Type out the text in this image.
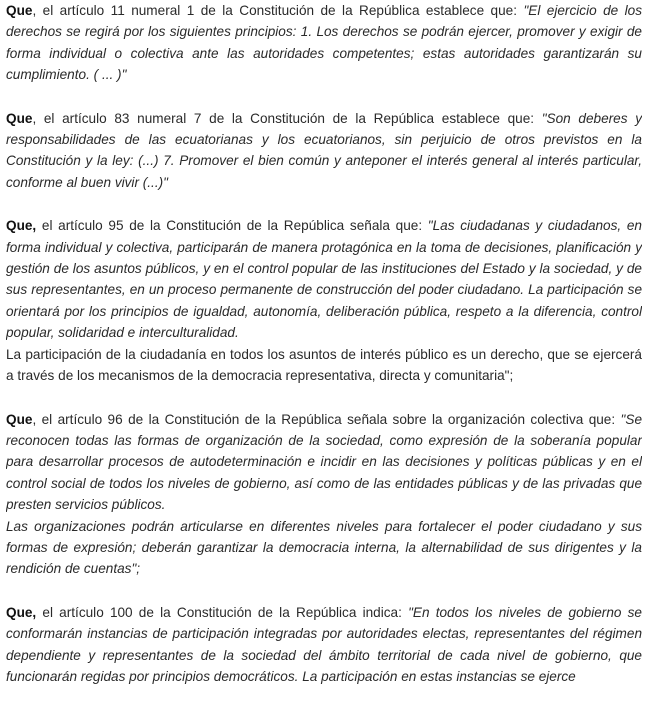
Que, el artículo 11 numeral 1 de la Constitución de la República establece que: "El ejercicio de los derechos se regirá por los siguientes principios: 1. Los derechos se podrán ejercer, promover y exigir de forma individual o colectiva ante las autoridades competentes; estas autoridades garantizarán su cumplimiento. ( ... )"

Que, el artículo 83 numeral 7 de la Constitución de la República establece que: "Son deberes y responsabilidades de las ecuatorianas y los ecuatorianos, sin perjuicio de otros previstos en la Constitución y la ley: (...) 7. Promover el bien común y anteponer el interés general al interés particular, conforme al buen vivir (...)"

Que, el artículo 95 de la Constitución de la República señala que: "Las ciudadanas y ciudadanos, en forma individual y colectiva, participarán de manera protagónica en la toma de decisiones, planificación y gestión de los asuntos públicos, y en el control popular de las instituciones del Estado y la sociedad, y de sus representantes, en un proceso permanente de construcción del poder ciudadano. La participación se orientará por los principios de igualdad, autonomía, deliberación pública, respeto a la diferencia, control popular, solidaridad e interculturalidad.
La participación de la ciudadanía en todos los asuntos de interés público es un derecho, que se ejercerá a través de los mecanismos de la democracia representativa, directa y comunitaria";

Que, el artículo 96 de la Constitución de la República señala sobre la organización colectiva que: "Se reconocen todas las formas de organización de la sociedad, como expresión de la soberanía popular para desarrollar procesos de autodeterminación e incidir en las decisiones y políticas públicas y en el control social de todos los niveles de gobierno, así como de las entidades públicas y de las privadas que presten servicios públicos.
Las organizaciones podrán articularse en diferentes niveles para fortalecer el poder ciudadano y sus formas de expresión; deberán garantizar la democracia interna, la alternabilidad de sus dirigentes y la rendición de cuentas";

Que, el artículo 100 de la Constitución de la República indica: "En todos los niveles de gobierno se conformarán instancias de participación integradas por autoridades electas, representantes del régimen dependiente y representantes de la sociedad del ámbito territorial de cada nivel de gobierno, que funcionarán regidas por principios democráticos. La participación en estas instancias se ejerce
